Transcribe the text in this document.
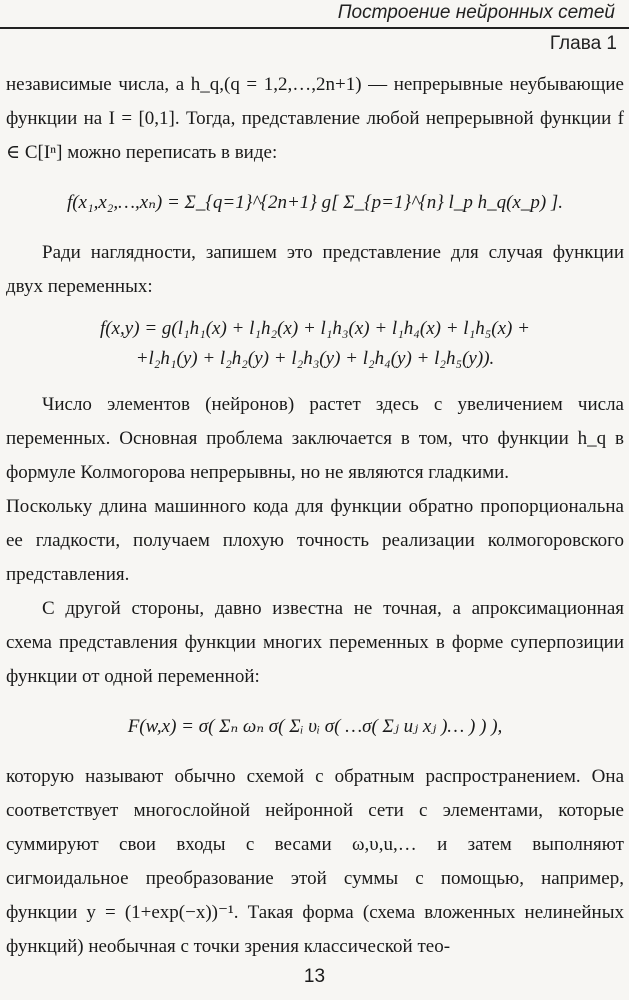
Построение нейронных сетей
Глава 1

независимые числа, а h_q,(q = 1,2,…,2n+1) — непрерывные неубывающие функции на I = [0,1]. Тогда, представление любой непрерывной функции f ∈ C[Iⁿ] можно переписать в виде:

f(x₁,x₂,…,xₙ) = Σ_{q=1}^{2n+1} g[ Σ_{p=1}^{n} l_p h_q(x_p) ].

Ради наглядности, запишем это представление для случая функции двух переменных:

f(x,y) = g(l₁h₁(x) + l₁h₂(x) + l₁h₃(x) + l₁h₄(x) + l₁h₅(x) +
+l₂h₁(y) + l₂h₂(y) + l₂h₃(y) + l₂h₄(y) + l₂h₅(y)).

Число элементов (нейронов) растет здесь с увеличением числа переменных. Основная проблема заключается в том, что функции h_q в формуле Колмогорова непрерывны, но не являются гладкими.

Поскольку длина машинного кода для функции обратно пропорциональна ее гладкости, получаем плохую точность реализации колмогоровского представления.

С другой стороны, давно известна не точная, а апроксимационная схема представления функции многих переменных в форме суперпозиции функции от одной переменной:

F(w,x) = σ( Σₙ ωₙ σ( Σᵢ υᵢ σ( …σ( Σⱼ uⱼ xⱼ )… ) ) ),

которую называют обычно схемой с обратным распространением. Она соответствует многослойной нейронной сети с элементами, которые суммируют свои входы с весами ω,υ,u,… и затем выполняют сигмоидальное преобразование этой суммы с помощью, например, функции y = (1+exp(−x))⁻¹. Такая форма (схема вложенных нелинейных функций) необычная с точки зрения классической тео-

13
